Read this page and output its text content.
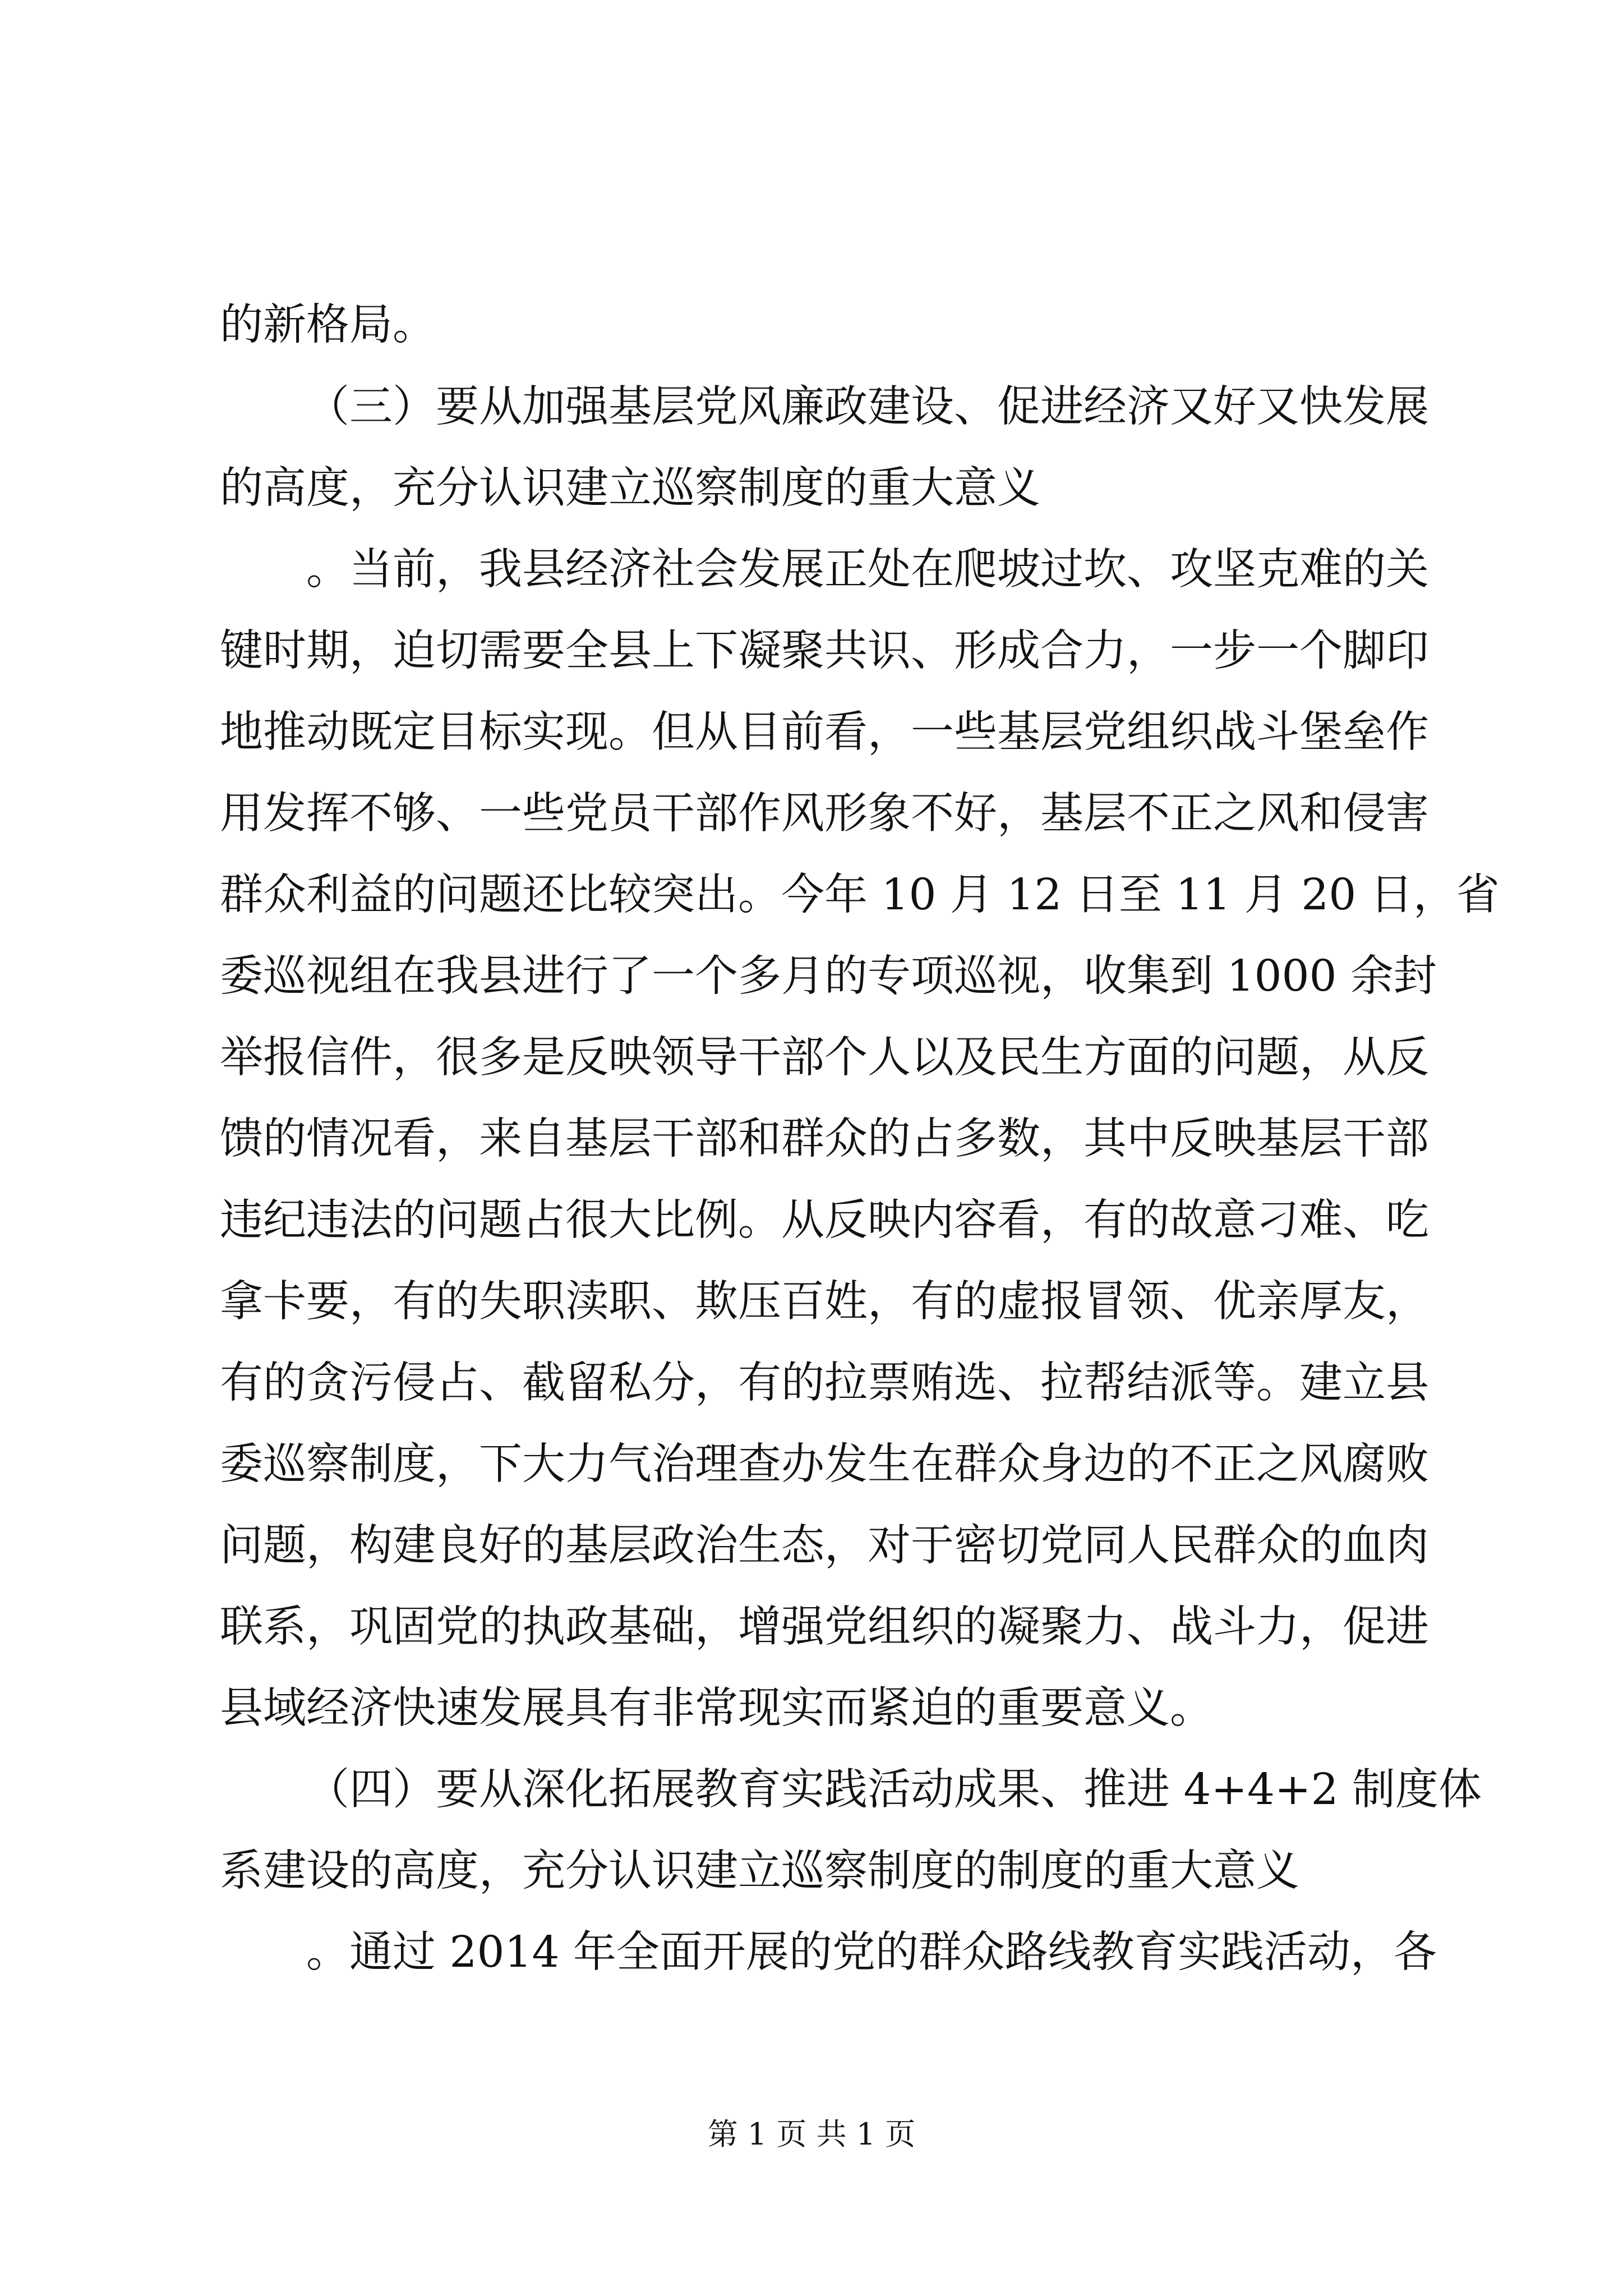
的新格局。
（三）要从加强基层党风廉政建设、促进经济又好又快发展
的高度，充分认识建立巡察制度的重大意义
。当前，我县经济社会发展正处在爬坡过坎、攻坚克难的关
键时期，迫切需要全县上下凝聚共识、形成合力，一步一个脚印
地推动既定目标实现。但从目前看，一些基层党组织战斗堡垒作
用发挥不够、一些党员干部作风形象不好，基层不正之风和侵害
群众利益的问题还比较突出。今年 10 月 12 日至 11 月 20 日，省
委巡视组在我县进行了一个多月的专项巡视，收集到 1000 余封
举报信件，很多是反映领导干部个人以及民生方面的问题，从反
馈的情况看，来自基层干部和群众的占多数，其中反映基层干部
违纪违法的问题占很大比例。从反映内容看，有的故意刁难、吃
拿卡要，有的失职渎职、欺压百姓，有的虚报冒领、优亲厚友，
有的贪污侵占、截留私分，有的拉票贿选、拉帮结派等。建立县
委巡察制度，下大力气治理查办发生在群众身边的不正之风腐败
问题，构建良好的基层政治生态，对于密切党同人民群众的血肉
联系，巩固党的执政基础，增强党组织的凝聚力、战斗力，促进
县域经济快速发展具有非常现实而紧迫的重要意义。
（四）要从深化拓展教育实践活动成果、推进 4+4+2 制度体
系建设的高度，充分认识建立巡察制度的制度的重大意义
。通过 2014 年全面开展的党的群众路线教育实践活动，各
第 1 页 共 1 页
